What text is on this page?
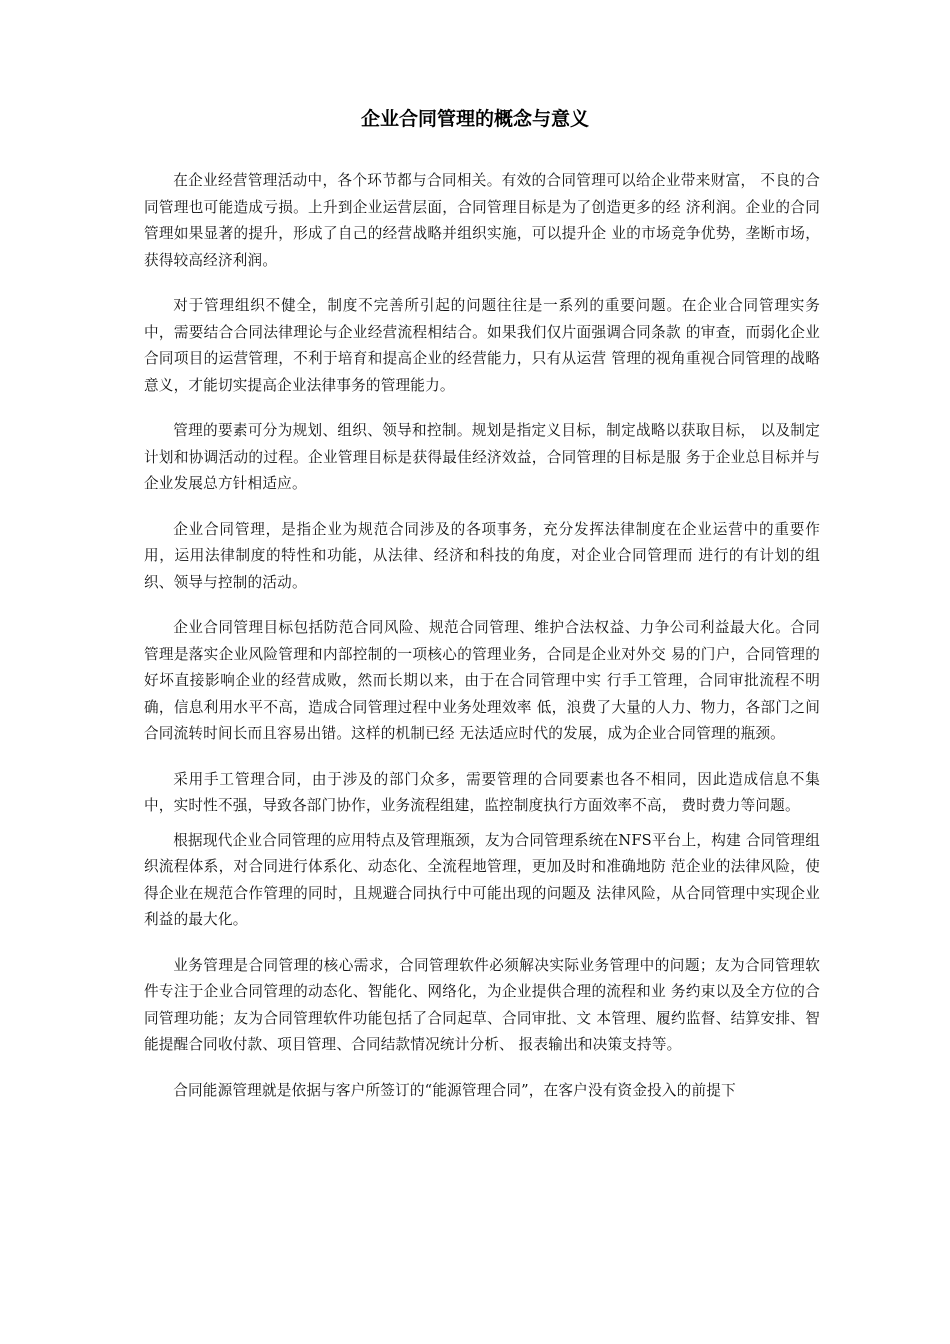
企业合同管理的概念与意义

在企业经营管理活动中，各个环节都与合同相关。有效的合同管理可以给企业带来财富， 不良的合同管理也可能造成亏损。上升到企业运营层面，合同管理目标是为了创造更多的经 济利润。企业的合同管理如果显著的提升，形成了自己的经营战略并组织实施，可以提升企 业的市场竞争优势，垄断市场，获得较高经济利润。

对于管理组织不健全，制度不完善所引起的问题往往是一系列的重要问题。在企业合同管理实务中，需要结合合同法律理论与企业经营流程相结合。如果我们仅片面强调合同条款 的审查，而弱化企业合同项目的运营管理，不利于培育和提高企业的经营能力，只有从运营 管理的视角重视合同管理的战略意义，才能切实提高企业法律事务的管理能力。

管理的要素可分为规划、组织、领导和控制。规划是指定义目标，制定战略以获取目标， 以及制定计划和协调活动的过程。企业管理目标是获得最佳经济效益，合同管理的目标是服 务于企业总目标并与企业发展总方针相适应。

企业合同管理，是指企业为规范合同涉及的各项事务，充分发挥法律制度在企业运营中的重要作用，运用法律制度的特性和功能，从法律、经济和科技的角度，对企业合同管理而 进行的有计划的组织、领导与控制的活动。

企业合同管理目标包括防范合同风险、规范合同管理、维护合法权益、力争公司利益最大化。合同管理是落实企业风险管理和内部控制的一项核心的管理业务，合同是企业对外交 易的门户，合同管理的好坏直接影响企业的经营成败，然而长期以来，由于在合同管理中实 行手工管理，合同审批流程不明确，信息利用水平不高，造成合同管理过程中业务处理效率 低，浪费了大量的人力、物力，各部门之间合同流转时间长而且容易出错。这样的机制已经 无法适应时代的发展，成为企业合同管理的瓶颈。

采用手工管理合同，由于涉及的部门众多，需要管理的合同要素也各不相同，因此造成信息不集中，实时性不强，导致各部门协作，业务流程组建，监控制度执行方面效率不高， 费时费力等问题。

根据现代企业合同管理的应用特点及管理瓶颈，友为合同管理系统在NFS平台上，构建 合同管理组织流程体系，对合同进行体系化、动态化、全流程地管理，更加及时和准确地防 范企业的法律风险，使得企业在规范合作管理的同时，且规避合同执行中可能出现的问题及 法律风险，从合同管理中实现企业利益的最大化。

业务管理是合同管理的核心需求，合同管理软件必须解决实际业务管理中的问题；友为合同管理软件专注于企业合同管理的动态化、智能化、网络化，为企业提供合理的流程和业 务约束以及全方位的合同管理功能；友为合同管理软件功能包括了合同起草、合同审批、文 本管理、履约监督、结算安排、智能提醒合同收付款、项目管理、合同结款情况统计分析、 报表输出和决策支持等。

合同能源管理就是依据与客户所签订的“能源管理合同”，在客户没有资金投入的前提下
